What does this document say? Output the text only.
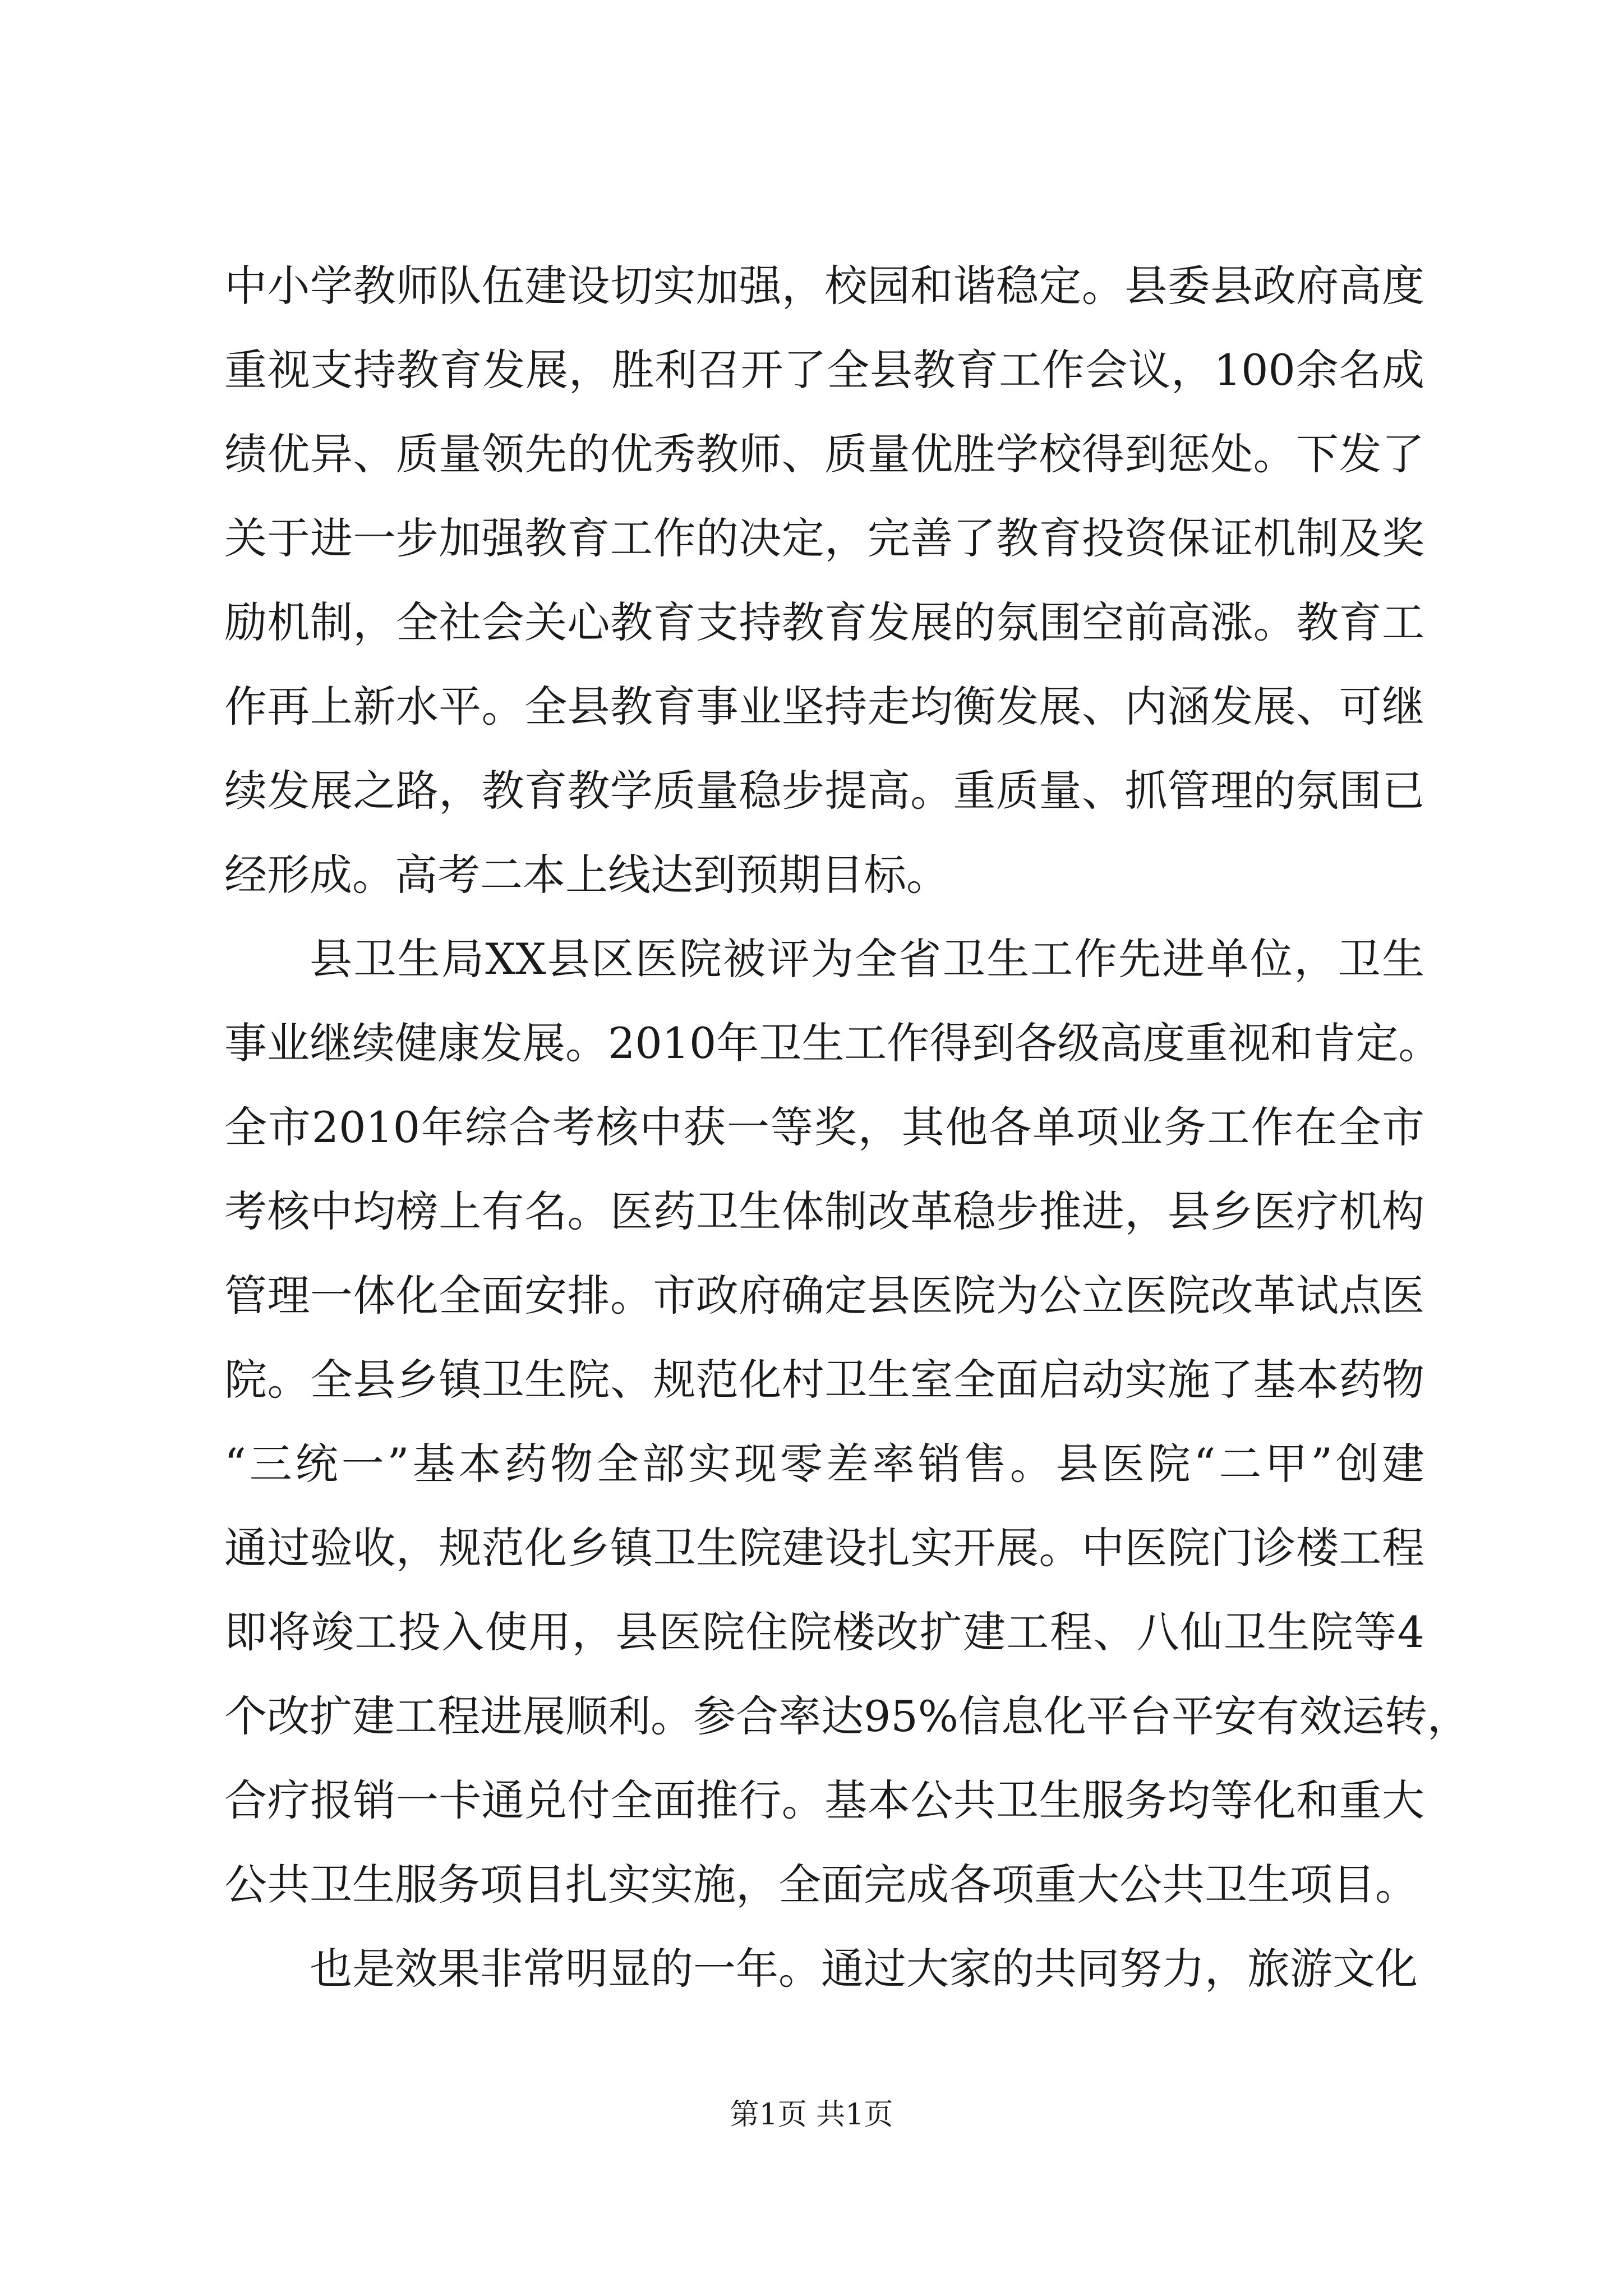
中小学教师队伍建设切实加强，校园和谐稳定。县委县政府高度
重视支持教育发展，胜利召开了全县教育工作会议，100余名成
绩优异、质量领先的优秀教师、质量优胜学校得到惩处。下发了
关于进一步加强教育工作的决定，完善了教育投资保证机制及奖
励机制，全社会关心教育支持教育发展的氛围空前高涨。教育工
作再上新水平。全县教育事业坚持走均衡发展、内涵发展、可继
续发展之路，教育教学质量稳步提高。重质量、抓管理的氛围已
经形成。高考二本上线达到预期目标。
县卫生局XX县区医院被评为全省卫生工作先进单位，卫生
事业继续健康发展。2010年卫生工作得到各级高度重视和肯定。
全市2010年综合考核中获一等奖，其他各单项业务工作在全市
考核中均榜上有名。医药卫生体制改革稳步推进，县乡医疗机构
管理一体化全面安排。市政府确定县医院为公立医院改革试点医
院。全县乡镇卫生院、规范化村卫生室全面启动实施了基本药物
“三统一”基本药物全部实现零差率销售。县医院“二甲”创建
通过验收，规范化乡镇卫生院建设扎实开展。中医院门诊楼工程
即将竣工投入使用，县医院住院楼改扩建工程、八仙卫生院等4
个改扩建工程进展顺利。参合率达95%信息化平台平安有效运转，
合疗报销一卡通兑付全面推行。基本公共卫生服务均等化和重大
公共卫生服务项目扎实实施，全面完成各项重大公共卫生项目。
也是效果非常明显的一年。通过大家的共同努力，旅游文化
第1页 共1页
